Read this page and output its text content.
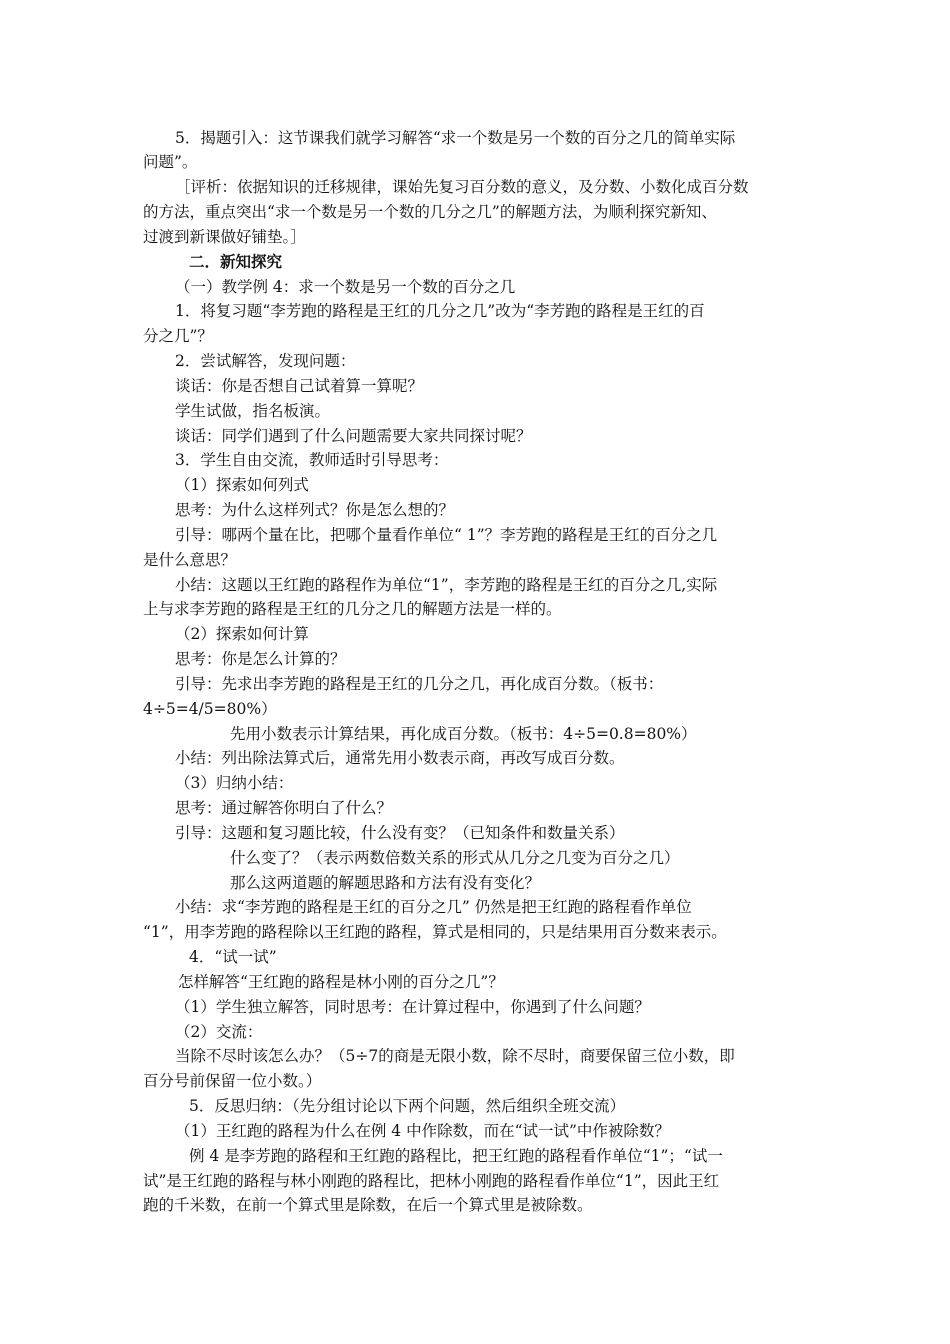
5．揭题引入：这节课我们就学习解答“求一个数是另一个数的百分之几的简单实际
问题”。
［评析：依据知识的迁移规律，课始先复习百分数的意义，及分数、小数化成百分数
的方法，重点突出“求一个数是另一个数的几分之几”的解题方法，为顺利探究新知、
过渡到新课做好铺垫。］
二．新知探究
（一）教学例 4：求一个数是另一个数的百分之几
1．将复习题“李芳跑的路程是王红的几分之几”改为“李芳跑的路程是王红的百
分之几”？
2．尝试解答，发现问题：
谈话：你是否想自己试着算一算呢？
学生试做，指名板演。
谈话：同学们遇到了什么问题需要大家共同探讨呢？
3．学生自由交流，教师适时引导思考：
（1）探索如何列式
思考：为什么这样列式？你是怎么想的？
引导：哪两个量在比，把哪个量看作单位“ 1”？李芳跑的路程是王红的百分之几
是什么意思？
小结：这题以王红跑的路程作为单位“1”，李芳跑的路程是王红的百分之几,实际
上与求李芳跑的路程是王红的几分之几的解题方法是一样的。
（2）探索如何计算
思考：你是怎么计算的？
引导：先求出李芳跑的路程是王红的几分之几，再化成百分数。（板书：
4÷5=4/5=80%）
先用小数表示计算结果，再化成百分数。（板书：4÷5=0.8=80%）
小结：列出除法算式后，通常先用小数表示商，再改写成百分数。
（3）归纳小结：
思考：通过解答你明白了什么？
引导：这题和复习题比较，什么没有变？（已知条件和数量关系）
什么变了？（表示两数倍数关系的形式从几分之几变为百分之几）
那么这两道题的解题思路和方法有没有变化？
小结：求“李芳跑的路程是王红的百分之几” 仍然是把王红跑的路程看作单位
“1”，用李芳跑的路程除以王红跑的路程，算式是相同的，只是结果用百分数来表示。
4．“试一试”
怎样解答“王红跑的路程是林小刚的百分之几”？
（1）学生独立解答，同时思考：在计算过程中，你遇到了什么问题？
（2）交流：
当除不尽时该怎么办？（5÷7的商是无限小数，除不尽时，商要保留三位小数，即
百分号前保留一位小数。）
5．反思归纳：（先分组讨论以下两个问题，然后组织全班交流）
（1）王红跑的路程为什么在例 4 中作除数，而在“试一试”中作被除数？
例 4 是李芳跑的路程和王红跑的路程比，把王红跑的路程看作单位“1”；“试一
试”是王红跑的路程与林小刚跑的路程比，把林小刚跑的路程看作单位“1”，因此王红
跑的千米数，在前一个算式里是除数，在后一个算式里是被除数。
